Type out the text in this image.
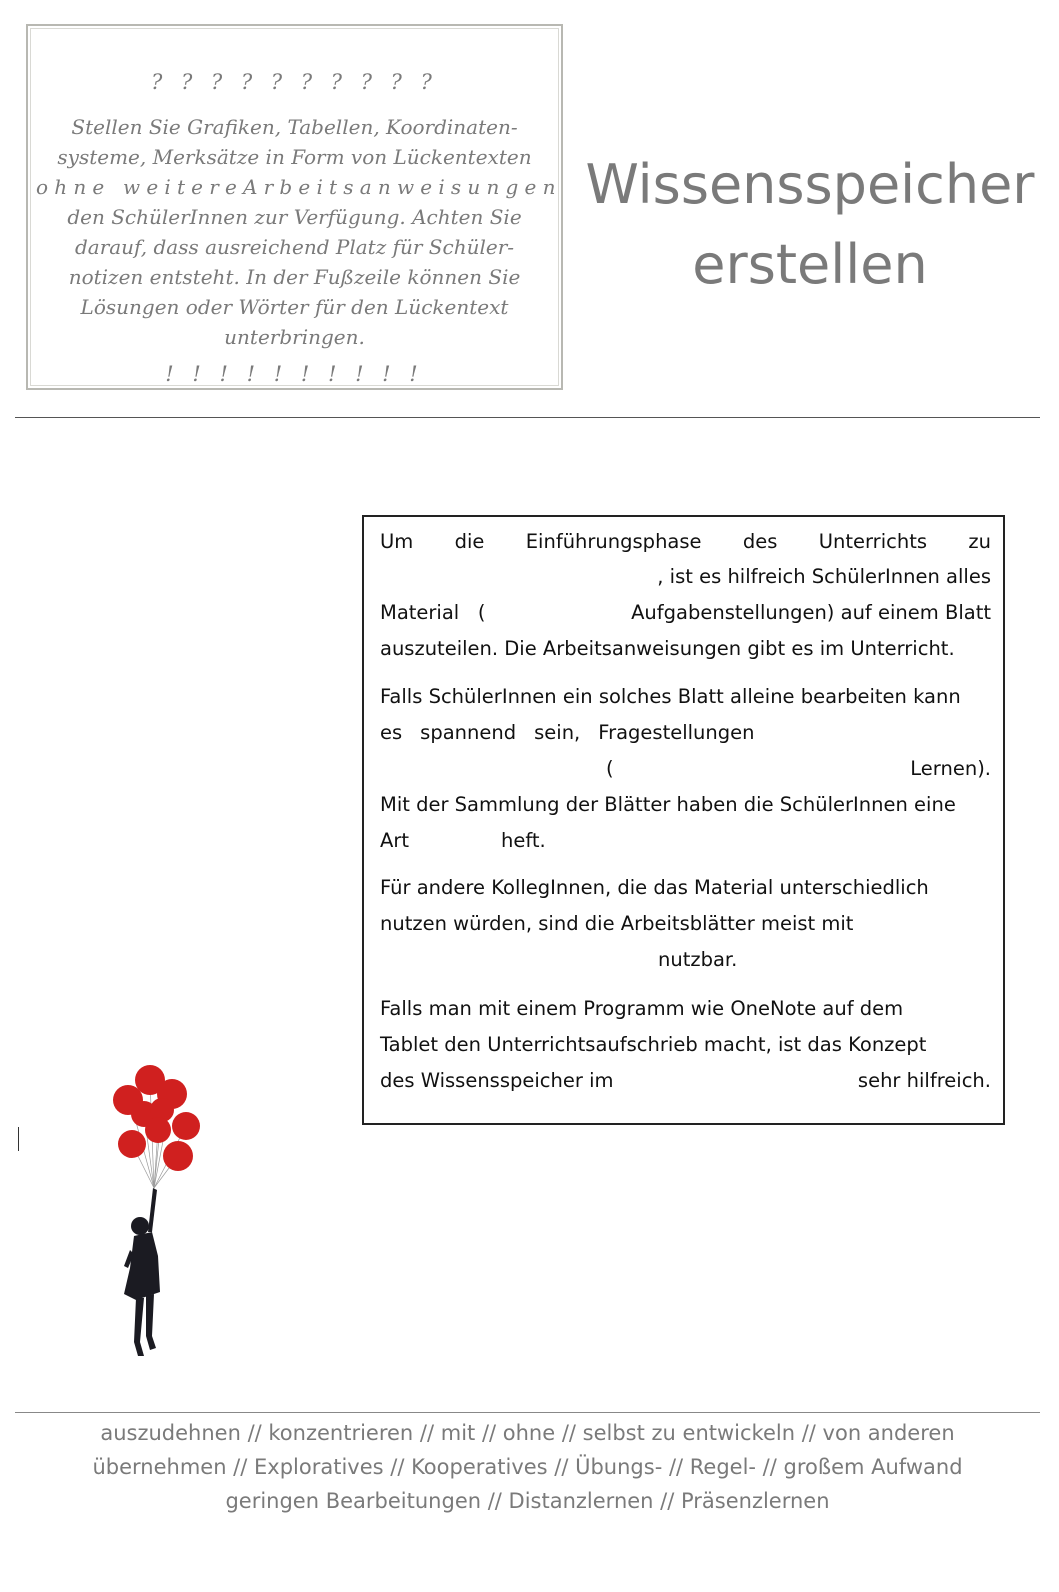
? ? ? ? ? ? ? ? ? ?
Stellen Sie Grafiken, Tabellen, Koordinaten-
systeme, Merksätze in Form von Lückentexten
ohne weitereArbeitsanweisungen
den SchülerInnen zur Verfügung. Achten Sie
darauf, dass ausreichend Platz für Schüler-
notizen entsteht. In der Fußzeile können Sie
Lösungen oder Wörter für den Lückentext
unterbringen.
! ! ! ! ! ! ! ! ! !
Wissensspeicher
erstellen
Um die Einführungsphase des Unterrichts zu
, ist es hilfreich SchülerInnen alles
Material (	Aufgabenstellungen) auf einem Blatt
auszuteilen. Die Arbeitsanweisungen gibt es im Unterricht.
Falls SchülerInnen ein solches Blatt alleine bearbeiten kann
es spannend sein, Fragestellungen
(	Lernen).
Mit der Sammlung der Blätter haben die SchülerInnen eine
Art	heft.
Für andere KollegInnen, die das Material unterschiedlich
nutzen würden, sind die Arbeitsblätter meist mit
nutzbar.
Falls man mit einem Programm wie OneNote auf dem
Tablet den Unterrichtsaufschrieb macht, ist das Konzept
des Wissensspeicher im	sehr hilfreich.
auszudehnen // konzentrieren // mit // ohne // selbst zu entwickeln // von anderen
übernehmen // Exploratives // Kooperatives // Übungs- // Regel- // großem Aufwand
geringen Bearbeitungen // Distanzlernen // Präsenzlernen
